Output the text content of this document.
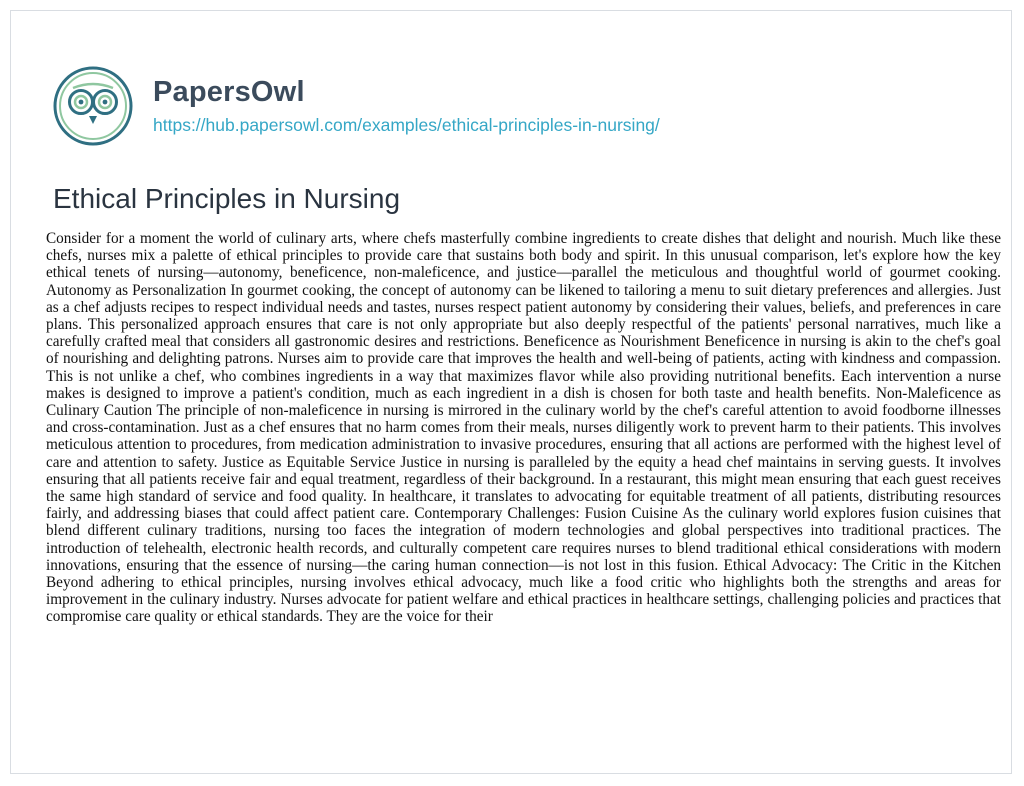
PapersOwl
https://hub.papersowl.com/examples/ethical-principles-in-nursing/
Ethical Principles in Nursing

Consider for a moment the world of culinary arts, where chefs masterfully combine ingredients to create dishes that delight and nourish. Much like these chefs, nurses mix a palette of ethical principles to provide care that sustains both body and spirit. In this unusual comparison, let's explore how the key ethical tenets of nursing—autonomy, beneficence, non-maleficence, and justice—parallel the meticulous and thoughtful world of gourmet cooking. Autonomy as Personalization In gourmet cooking, the concept of autonomy can be likened to tailoring a menu to suit dietary preferences and allergies. Just as a chef adjusts recipes to respect individual needs and tastes, nurses respect patient autonomy by considering their values, beliefs, and preferences in care plans. This personalized approach ensures that care is not only appropriate but also deeply respectful of the patients' personal narratives, much like a carefully crafted meal that considers all gastronomic desires and restrictions. Beneficence as Nourishment Beneficence in nursing is akin to the chef's goal of nourishing and delighting patrons. Nurses aim to provide care that improves the health and well-being of patients, acting with kindness and compassion. This is not unlike a chef, who combines ingredients in a way that maximizes flavor while also providing nutritional benefits. Each intervention a nurse makes is designed to improve a patient's condition, much as each ingredient in a dish is chosen for both taste and health benefits. Non-Maleficence as Culinary Caution The principle of non-maleficence in nursing is mirrored in the culinary world by the chef's careful attention to avoid foodborne illnesses and cross-contamination. Just as a chef ensures that no harm comes from their meals, nurses diligently work to prevent harm to their patients. This involves meticulous attention to procedures, from medication administration to invasive procedures, ensuring that all actions are performed with the highest level of care and attention to safety. Justice as Equitable Service Justice in nursing is paralleled by the equity a head chef maintains in serving guests. It involves ensuring that all patients receive fair and equal treatment, regardless of their background. In a restaurant, this might mean ensuring that each guest receives the same high standard of service and food quality. In healthcare, it translates to advocating for equitable treatment of all patients, distributing resources fairly, and addressing biases that could affect patient care. Contemporary Challenges: Fusion Cuisine As the culinary world explores fusion cuisines that blend different culinary traditions, nursing too faces the integration of modern technologies and global perspectives into traditional practices. The introduction of telehealth, electronic health records, and culturally competent care requires nurses to blend traditional ethical considerations with modern innovations, ensuring that the essence of nursing—the caring human connection—is not lost in this fusion. Ethical Advocacy: The Critic in the Kitchen Beyond adhering to ethical principles, nursing involves ethical advocacy, much like a food critic who highlights both the strengths and areas for improvement in the culinary industry. Nurses advocate for patient welfare and ethical practices in healthcare settings, challenging policies and practices that compromise care quality or ethical standards. They are the voice for their
